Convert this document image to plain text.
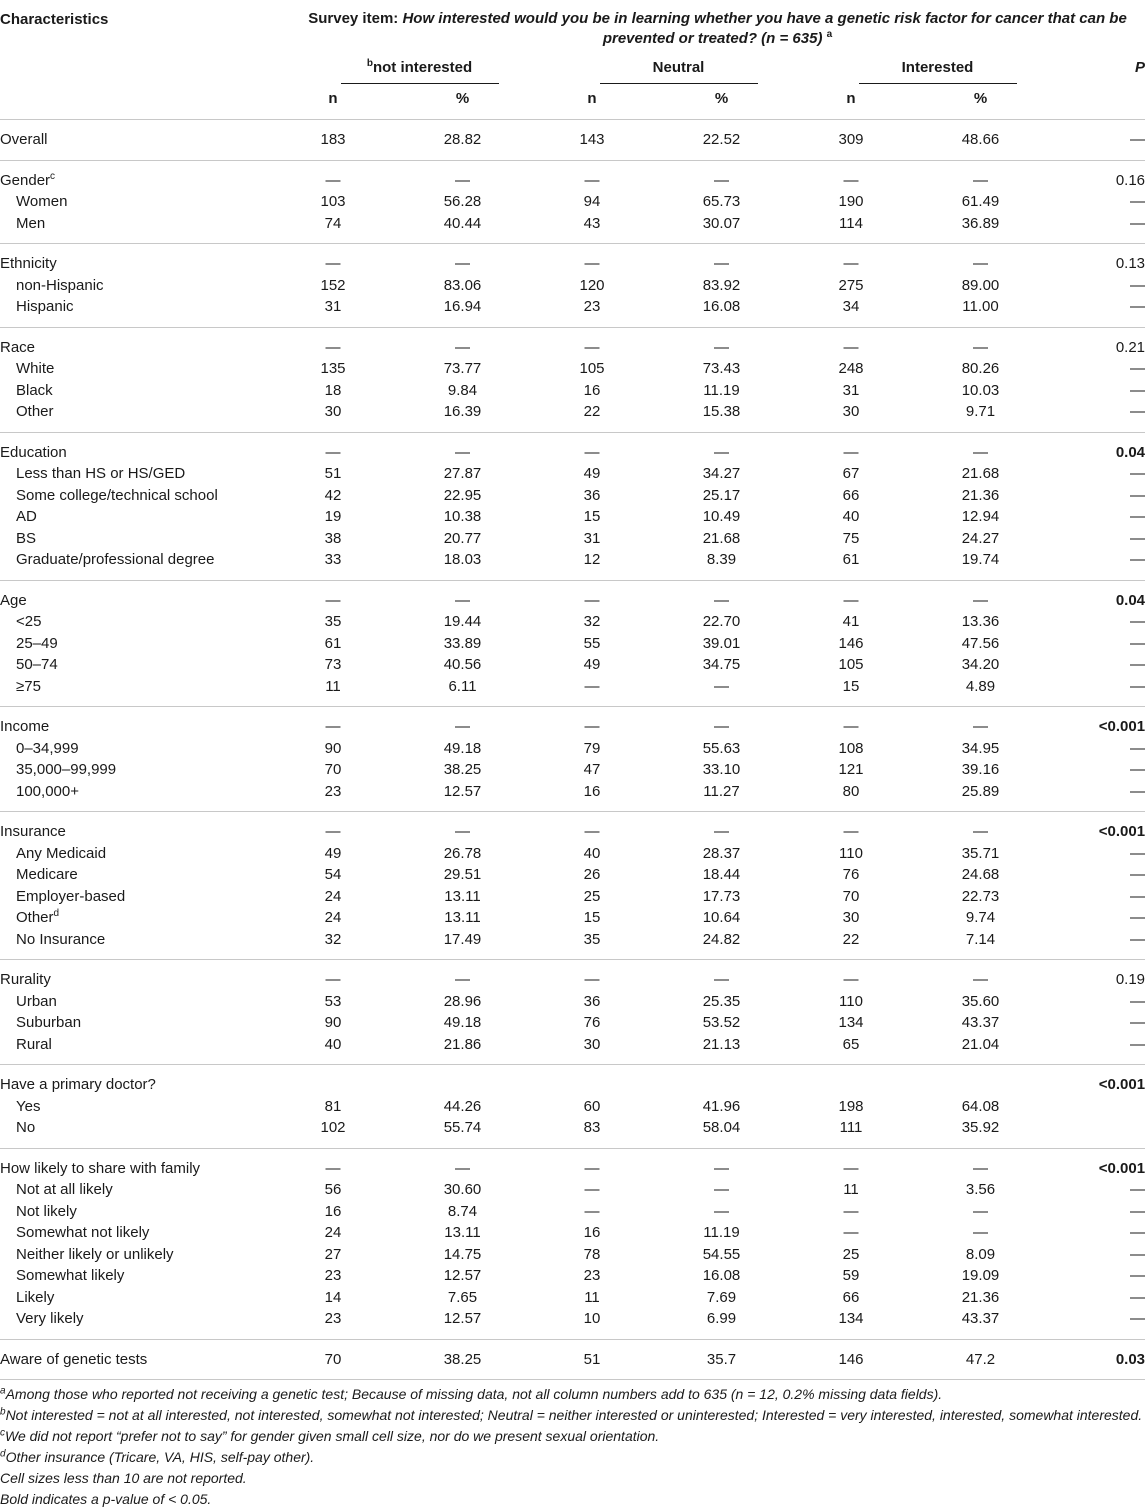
Characteristics	Survey item: How interested would you be in learning whether you have a genetic risk factor for cancer that can be prevented or treated? (n = 635) $^a$
	$^b$not interested		Neutral		Interested		P
	n	%	n	%	n	%	
Overall	183	28.82	143	22.52	309	48.66	—
Gender$^c$	—	—	—	—	—	—	0.16
Women	103	56.28	94	65.73	190	61.49	—
Men	74	40.44	43	30.07	114	36.89	—
Ethnicity	—	—	—	—	—	—	0.13
non-Hispanic	152	83.06	120	83.92	275	89.00	—
Hispanic	31	16.94	23	16.08	34	11.00	—
Race	—	—	—	—	—	—	0.21
White	135	73.77	105	73.43	248	80.26	—
Black	18	9.84	16	11.19	31	10.03	—
Other	30	16.39	22	15.38	30	9.71	—
Education	—	—	—	—	—	—	0.04
Less than HS or HS/GED	51	27.87	49	34.27	67	21.68	—
Some college/technical school	42	22.95	36	25.17	66	21.36	—
AD	19	10.38	15	10.49	40	12.94	—
BS	38	20.77	31	21.68	75	24.27	—
Graduate/professional degree	33	18.03	12	8.39	61	19.74	—
Age	—	—	—	—	—	—	0.04
<25	35	19.44	32	22.70	41	13.36	—
25–49	61	33.89	55	39.01	146	47.56	—
50–74	73	40.56	49	34.75	105	34.20	—
≥75	11	6.11	—	—	15	4.89	—
Income	—	—	—	—	—	—	<0.001
0–34,999	90	49.18	79	55.63	108	34.95	—
35,000–99,999	70	38.25	47	33.10	121	39.16	—
100,000+	23	12.57	16	11.27	80	25.89	—
Insurance	—	—	—	—	—	—	<0.001
Any Medicaid	49	26.78	40	28.37	110	35.71	—
Medicare	54	29.51	26	18.44	76	24.68	—
Employer-based	24	13.11	25	17.73	70	22.73	—
Other$^d$	24	13.11	15	10.64	30	9.74	—
No Insurance	32	17.49	35	24.82	22	7.14	—
Rurality	—	—	—	—	—	—	0.19
Urban	53	28.96	36	25.35	110	35.60	—
Suburban	90	49.18	76	53.52	134	43.37	—
Rural	40	21.86	30	21.13	65	21.04	—
Have a primary doctor?							<0.001
Yes	81	44.26	60	41.96	198	64.08	
No	102	55.74	83	58.04	111	35.92	
How likely to share with family	—	—	—	—	—	—	<0.001
Not at all likely	56	30.60	—	—	11	3.56	—
Not likely	16	8.74	—	—	—	—	—
Somewhat not likely	24	13.11	16	11.19	—	—	—
Neither likely or unlikely	27	14.75	78	54.55	25	8.09	—
Somewhat likely	23	12.57	23	16.08	59	19.09	—
Likely	14	7.65	11	7.69	66	21.36	—
Very likely	23	12.57	10	6.99	134	43.37	—
Aware of genetic tests	70	38.25	51	35.7	146	47.2	0.03
$^a$Among those who reported not receiving a genetic test; Because of missing data, not all column numbers add to 635 (n = 12, 0.2% missing data fields).
$^b$Not interested = not at all interested, not interested, somewhat not interested; Neutral = neither interested or uninterested; Interested = very interested, interested, somewhat interested.
$^c$We did not report “prefer not to say” for gender given small cell size, nor do we present sexual orientation.
$^d$Other insurance (Tricare, VA, HIS, self-pay other).
Cell sizes less than 10 are not reported.
Bold indicates a p-value of < 0.05.
